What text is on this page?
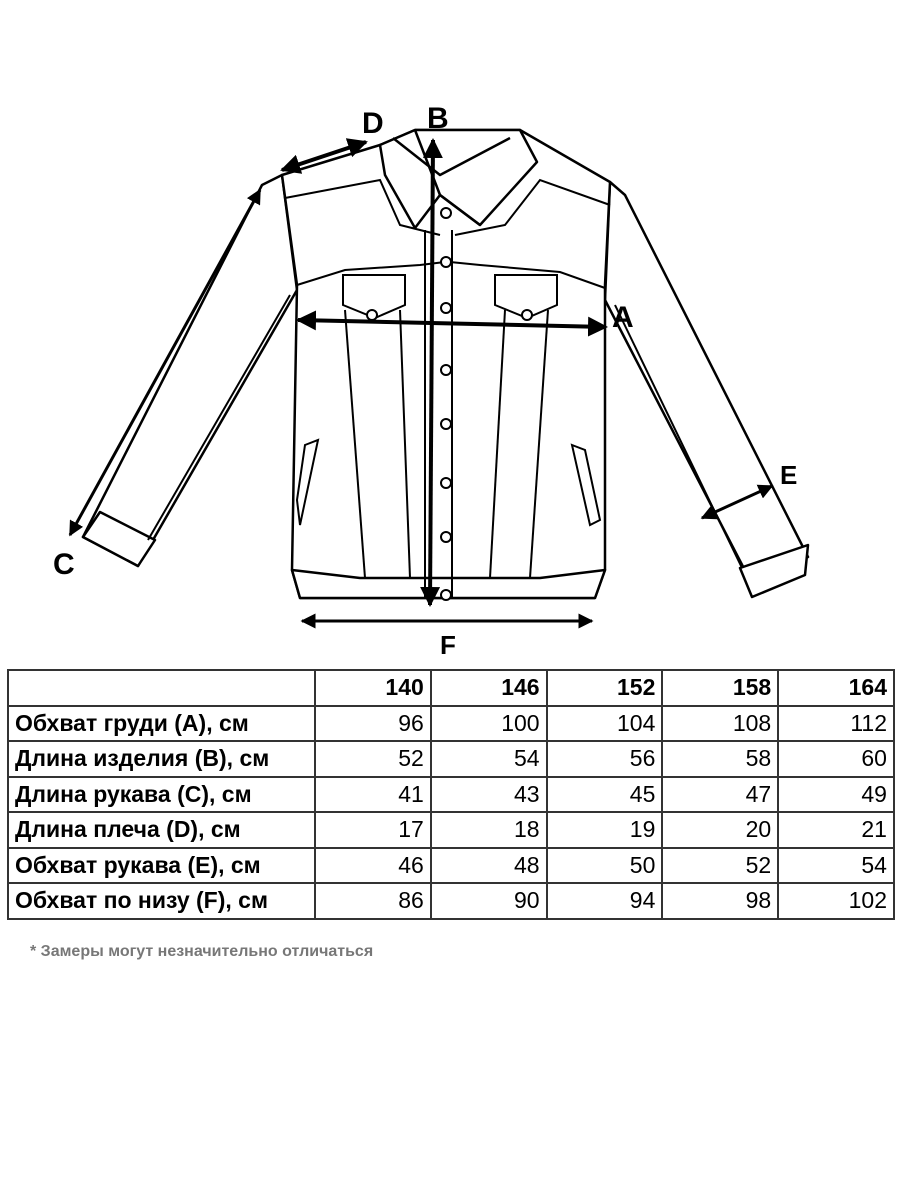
A
B
C
D
E
F
	140	146	152	158	164
Обхват груди (A), см	96	100	104	108	112
Длина изделия (B), см	52	54	56	58	60
Длина рукава (C), см	41	43	45	47	49
Длина плеча (D), см	17	18	19	20	21
Обхват рукава (E), см	46	48	50	52	54
Обхват по низу (F), см	86	90	94	98	102
* Замеры могут незначительно отличаться
